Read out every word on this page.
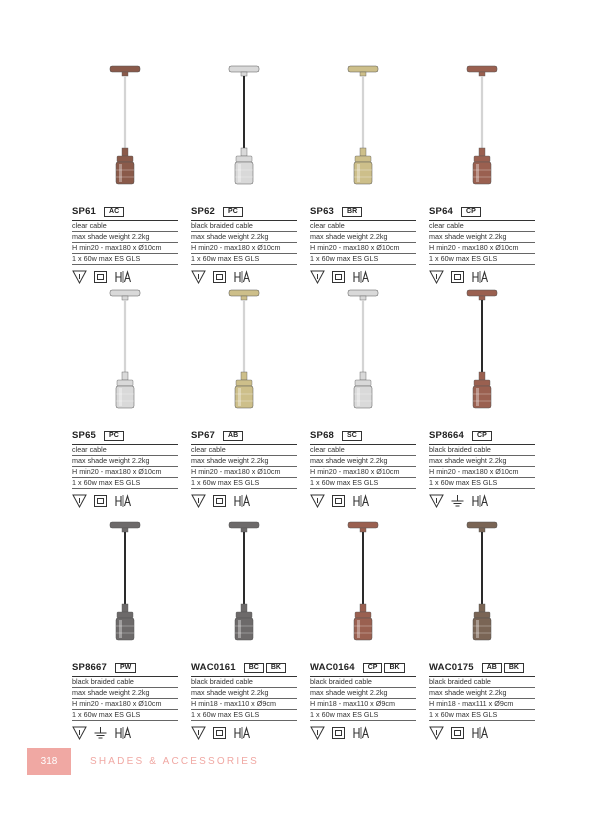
SP61	AC
clear cable
max shade weight 2.2kg
H min20 - max180 x Ø10cm
1 x 60w max ES GLS
SP62	PC
black braided cable
max shade weight 2.2kg
H min20 - max180 x Ø10cm
1 x 60w max ES GLS
SP63	BR
clear cable
max shade weight 2.2kg
H min20 - max180 x Ø10cm
1 x 60w max ES GLS
SP64	CP
clear cable
max shade weight 2.2kg
H min20 - max180 x Ø10cm
1 x 60w max ES GLS
SP65	PC
clear cable
max shade weight 2.2kg
H min20 - max180 x Ø10cm
1 x 60w max ES GLS
SP67	AB
clear cable
max shade weight 2.2kg
H min20 - max180 x Ø10cm
1 x 60w max ES GLS
SP68	SC
clear cable
max shade weight 2.2kg
H min20 - max180 x Ø10cm
1 x 60w max ES GLS
SP8664	CP
black braided cable
max shade weight 2.2kg
H min20 - max180 x Ø10cm
1 x 60w max ES GLS
SP8667	PW
black braided cable
max shade weight 2.2kg
H min20 - max180 x Ø10cm
1 x 60w max ES GLS
WAC0161	BC	BK
black braided cable
max shade weight 2.2kg
H min18 - max110 x Ø9cm
1 x 60w max ES GLS
WAC0164	CP	BK
black braided cable
max shade weight 2.2kg
H min18 - max110 x Ø9cm
1 x 60w max ES GLS
WAC0175	AB	BK
black braided cable
max shade weight 2.2kg
H min18 - max111 x Ø9cm
1 x 60w max ES GLS
318	SHADES & ACCESSORIES
